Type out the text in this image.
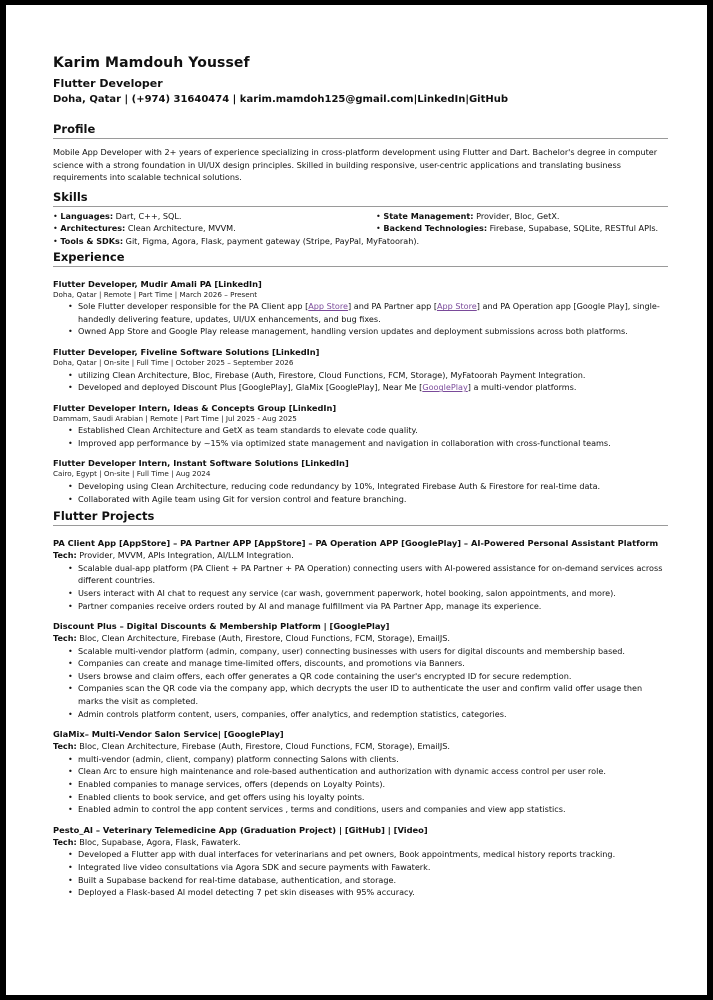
Karim Mamdouh Youssef
Flutter Developer
Doha, Qatar | (+974) 31640474 | karim.mamdoh125@gmail.com|LinkedIn|GitHub
Profile
Mobile App Developer with 2+ years of experience specializing in cross-platform development using Flutter and Dart. Bachelor's degree in computer science with a strong foundation in UI/UX design principles. Skilled in building responsive, user-centric applications and translating business requirements into scalable technical solutions.
Skills
• Languages: Dart, C++, SQL.	• State Management: Provider, Bloc, GetX.
• Architectures: Clean Architecture, MVVM.	• Backend Technologies: Firebase, Supabase, SQLite, RESTful APIs.
• Tools & SDKs: Git, Figma, Agora, Flask, payment gateway (Stripe, PayPal, MyFatoorah).
Experience
Flutter Developer, Mudir Amali PA [LinkedIn]
Doha, Qatar | Remote | Part Time | March 2026 – Present
• Sole Flutter developer responsible for the PA Client app [App Store] and PA Partner app [App Store] and PA Operation app [Google Play], single-handedly delivering feature, updates, UI/UX enhancements, and bug fixes.
• Owned App Store and Google Play release management, handling version updates and deployment submissions across both platforms.
Flutter Developer, Fiveline Software Solutions [LinkedIn]
Doha, Qatar | On-site | Full Time | October 2025 – September 2026
• utilizing Clean Architecture, Bloc, Firebase (Auth, Firestore, Cloud Functions, FCM, Storage), MyFatoorah Payment Integration.
• Developed and deployed Discount Plus [GooglePlay], GlaMix [GooglePlay], Near Me [GooglePlay] a multi-vendor platforms.
Flutter Developer Intern, Ideas & Concepts Group [LinkedIn]
Dammam, Saudi Arabian | Remote | Part Time | Jul 2025 - Aug 2025
• Established Clean Architecture and GetX as team standards to elevate code quality.
• Improved app performance by ~15% via optimized state management and navigation in collaboration with cross-functional teams.
Flutter Developer Intern, Instant Software Solutions [LinkedIn]
Cairo, Egypt | On-site | Full Time | Aug 2024
• Developing using Clean Architecture, reducing code redundancy by 10%, Integrated Firebase Auth & Firestore for real-time data.
• Collaborated with Agile team using Git for version control and feature branching.
Flutter Projects
PA Client App [AppStore] – PA Partner APP [AppStore] – PA Operation APP [GooglePlay] – AI-Powered Personal Assistant Platform
Tech: Provider, MVVM, APIs Integration, AI/LLM Integration.
• Scalable dual-app platform (PA Client + PA Partner + PA Operation) connecting users with AI-powered assistance for on-demand services across different countries.
• Users interact with AI chat to request any service (car wash, government paperwork, hotel booking, salon appointments, and more).
• Partner companies receive orders routed by AI and manage fulfillment via PA Partner App, manage its experience.
Discount Plus – Digital Discounts & Membership Platform | [GooglePlay]
Tech: Bloc, Clean Architecture, Firebase (Auth, Firestore, Cloud Functions, FCM, Storage), EmailJS.
• Scalable multi-vendor platform (admin, company, user) connecting businesses with users for digital discounts and membership based.
• Companies can create and manage time-limited offers, discounts, and promotions via Banners.
• Users browse and claim offers, each offer generates a QR code containing the user's encrypted ID for secure redemption.
• Companies scan the QR code via the company app, which decrypts the user ID to authenticate the user and confirm valid offer usage then marks the visit as completed.
• Admin controls platform content, users, companies, offer analytics, and redemption statistics, categories.
GlaMix– Multi-Vendor Salon Service| [GooglePlay]
Tech: Bloc, Clean Architecture, Firebase (Auth, Firestore, Cloud Functions, FCM, Storage), EmailJS.
• multi-vendor (admin, client, company) platform connecting Salons with clients.
• Clean Arc to ensure high maintenance and role-based authentication and authorization with dynamic access control per user role.
• Enabled companies to manage services, offers (depends on Loyalty Points).
• Enabled clients to book service, and get offers using his loyalty points.
• Enabled admin to control the app content services , terms and conditions, users and companies and view app statistics.
Pesto_AI – Veterinary Telemedicine App (Graduation Project) | [GitHub] | [Video]
Tech: Bloc, Supabase, Agora, Flask, Fawaterk.
• Developed a Flutter app with dual interfaces for veterinarians and pet owners, Book appointments, medical history reports tracking.
• Integrated live video consultations via Agora SDK and secure payments with Fawaterk.
• Built a Supabase backend for real-time database, authentication, and storage.
• Deployed a Flask-based AI model detecting 7 pet skin diseases with 95% accuracy.
